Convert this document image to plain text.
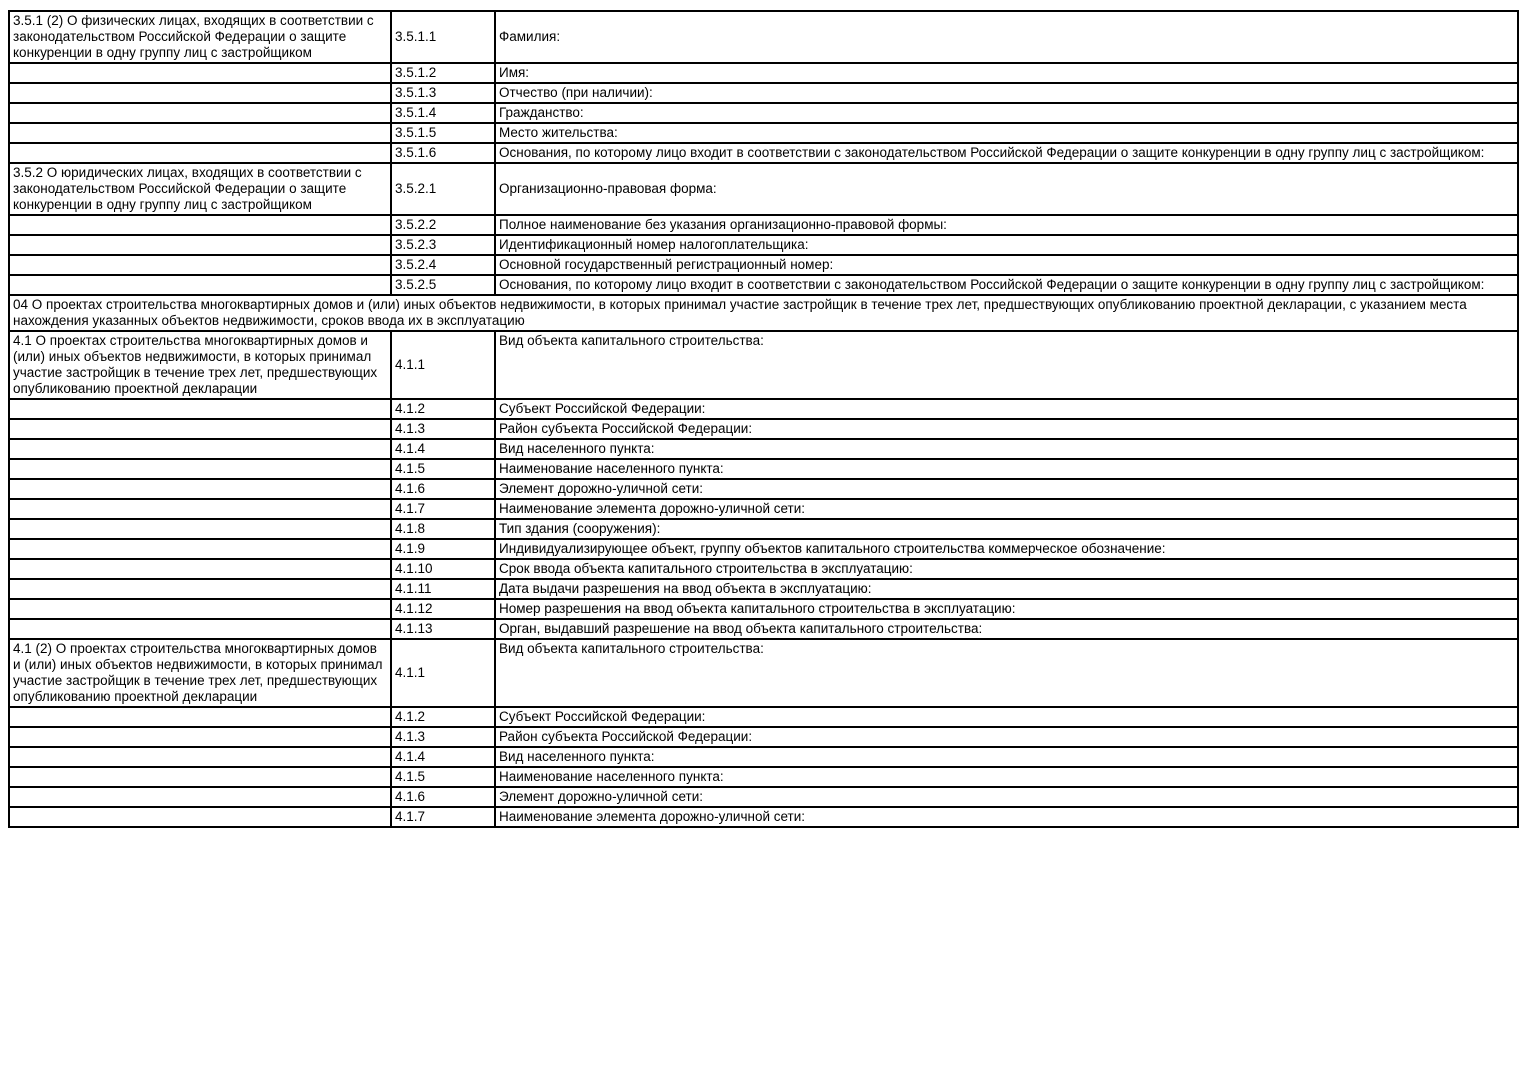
3.5.1 (2) О физических лицах, входящих в соответствии с законодательством Российской Федерации о защите конкуренции в одну группу лиц с застройщиком	3.5.1.1	Фамилия:

	3.5.1.2	Имя:

	3.5.1.3	Отчество (при наличии):

	3.5.1.4	Гражданство:

	3.5.1.5	Место жительства:

	3.5.1.6	Основания, по которому лицо входит в соответствии с законодательством Российской Федерации о защите конкуренции в одну группу лиц с застройщиком:

3.5.2 О юридических лицах, входящих в соответствии с законодательством Российской Федерации о защите конкуренции в одну группу лиц с застройщиком	3.5.2.1	Организационно-правовая форма:

	3.5.2.2	Полное наименование без указания организационно-правовой формы:

	3.5.2.3	Идентификационный номер налогоплательщика:

	3.5.2.4	Основной государственный регистрационный номер:

	3.5.2.5	Основания, по которому лицо входит в соответствии с законодательством Российской Федерации о защите конкуренции в одну группу лиц с застройщиком:

04 О проектах строительства многоквартирных домов и (или) иных объектов недвижимости, в которых принимал участие застройщик в течение трех лет, предшествующих опубликованию проектной декларации, с указанием места нахождения указанных объектов недвижимости, сроков ввода их в эксплуатацию		
4.1 О проектах строительства многоквартирных домов и (или) иных объектов недвижимости, в которых принимал участие застройщик в течение трех лет, предшествующих опубликованию проектной декларации	4.1.1	Вид объекта капитального строительства:

	4.1.2	Субъект Российской Федерации:

	4.1.3	Район субъекта Российской Федерации:

	4.1.4	Вид населенного пункта:

	4.1.5	Наименование населенного пункта:

	4.1.6	Элемент дорожно-уличной сети:

	4.1.7	Наименование элемента дорожно-уличной сети:

	4.1.8	Тип здания (сооружения):

	4.1.9	Индивидуализирующее объект, группу объектов капитального строительства коммерческое обозначение:

	4.1.10	Срок ввода объекта капитального строительства в эксплуатацию:

	4.1.11	Дата выдачи разрешения на ввод объекта в эксплуатацию:

	4.1.12	Номер разрешения на ввод объекта капитального строительства в эксплуатацию:

	4.1.13	Орган, выдавший разрешение на ввод объекта капитального строительства:

4.1 (2) О проектах строительства многоквартирных домов и (или) иных объектов недвижимости, в которых принимал участие застройщик в течение трех лет, предшествующих опубликованию проектной декларации	4.1.1	Вид объекта капитального строительства:

	4.1.2	Субъект Российской Федерации:

	4.1.3	Район субъекта Российской Федерации:

	4.1.4	Вид населенного пункта:

	4.1.5	Наименование населенного пункта:

	4.1.6	Элемент дорожно-уличной сети:

	4.1.7	Наименование элемента дорожно-уличной сети:
